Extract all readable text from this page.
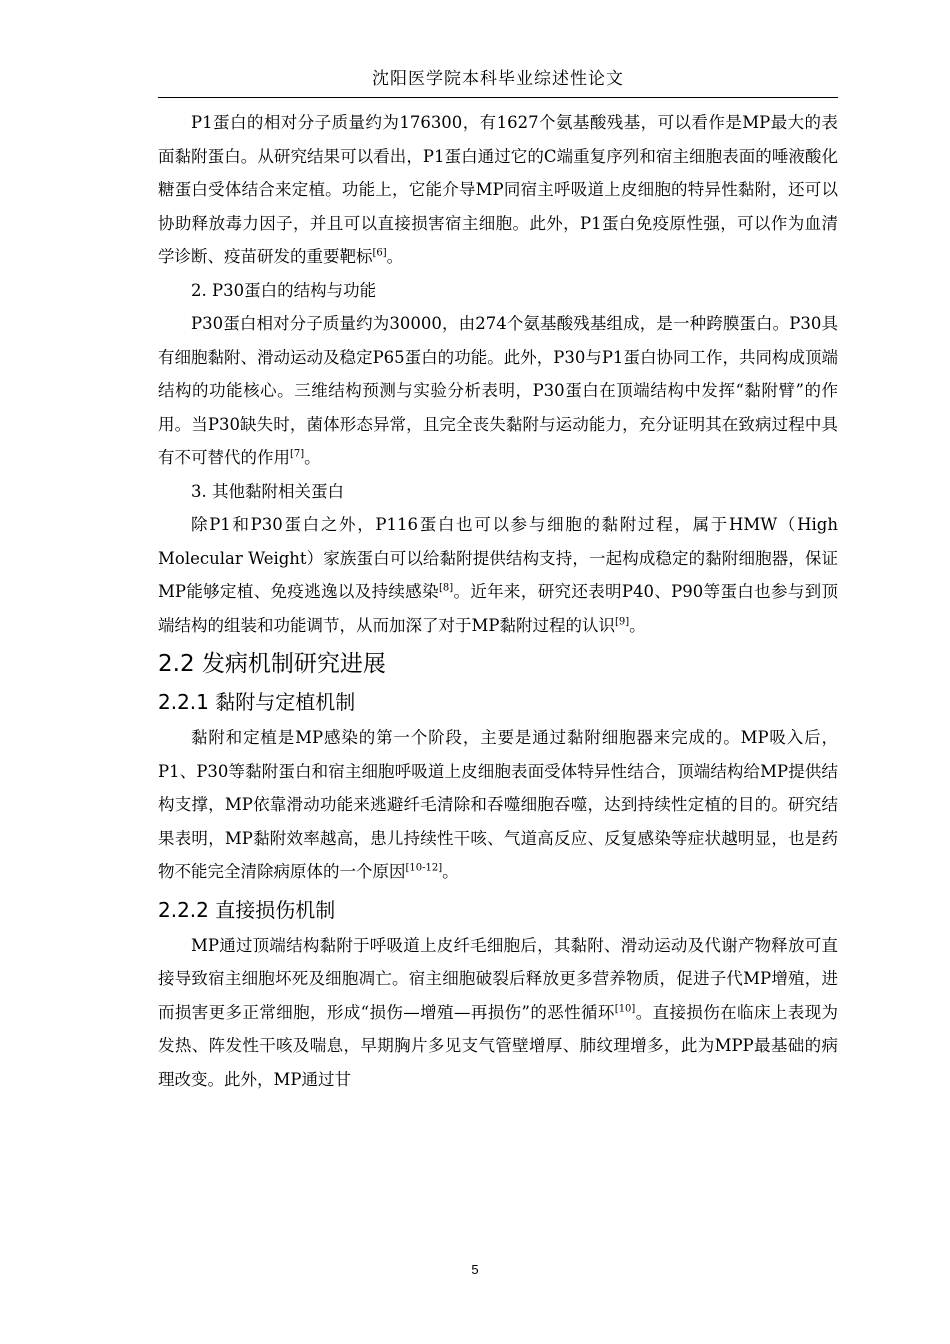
沈阳医学院本科毕业综述性论文

P1蛋白的相对分子质量约为176300，有1627个氨基酸残基，可以看作是MP最大的表面黏附蛋白。从研究结果可以看出，P1蛋白通过它的C端重复序列和宿主细胞表面的唾液酸化糖蛋白受体结合来定植。功能上，它能介导MP同宿主呼吸道上皮细胞的特异性黏附，还可以协助释放毒力因子，并且可以直接损害宿主细胞。此外，P1蛋白免疫原性强，可以作为血清学诊断、疫苗研发的重要靶标[6]。

2. P30蛋白的结构与功能

P30蛋白相对分子质量约为30000，由274个氨基酸残基组成，是一种跨膜蛋白。P30具有细胞黏附、滑动运动及稳定P65蛋白的功能。此外，P30与P1蛋白协同工作，共同构成顶端结构的功能核心。三维结构预测与实验分析表明，P30蛋白在顶端结构中发挥“黏附臂”的作用。当P30缺失时，菌体形态异常，且完全丧失黏附与运动能力，充分证明其在致病过程中具有不可替代的作用[7]。

3. 其他黏附相关蛋白

除P1和P30蛋白之外，P116蛋白也可以参与细胞的黏附过程，属于HMW（High Molecular Weight）家族蛋白可以给黏附提供结构支持，一起构成稳定的黏附细胞器，保证MP能够定植、免疫逃逸以及持续感染[8]。近年来，研究还表明P40、P90等蛋白也参与到顶端结构的组装和功能调节，从而加深了对于MP黏附过程的认识[9]。

2.2 发病机制研究进展
2.2.1 黏附与定植机制

黏附和定植是MP感染的第一个阶段，主要是通过黏附细胞器来完成的。MP吸入后，P1、P30等黏附蛋白和宿主细胞呼吸道上皮细胞表面受体特异性结合，顶端结构给MP提供结构支撑，MP依靠滑动功能来逃避纤毛清除和吞噬细胞吞噬，达到持续性定植的目的。研究结果表明，MP黏附效率越高，患儿持续性干咳、气道高反应、反复感染等症状越明显，也是药物不能完全清除病原体的一个原因[10-12]。

2.2.2 直接损伤机制

MP通过顶端结构黏附于呼吸道上皮纤毛细胞后，其黏附、滑动运动及代谢产物释放可直接导致宿主细胞坏死及细胞凋亡。宿主细胞破裂后释放更多营养物质，促进子代MP增殖，进而损害更多正常细胞，形成“损伤—增殖—再损伤”的恶性循环[10]。直接损伤在临床上表现为发热、阵发性干咳及喘息，早期胸片多见支气管壁增厚、肺纹理增多，此为MPP最基础的病理改变。此外，MP通过甘

5
